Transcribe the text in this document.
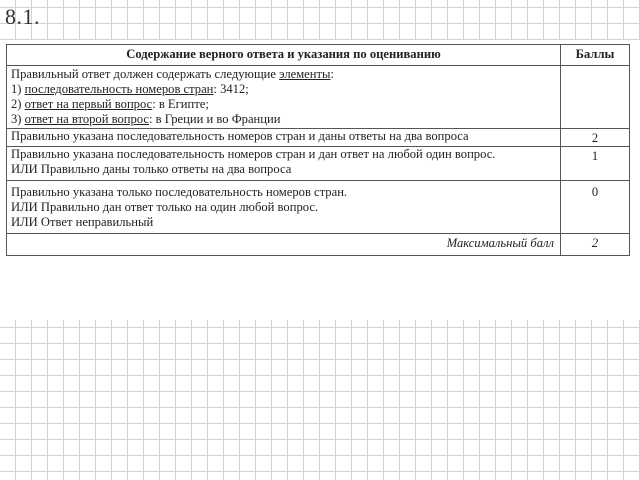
8.1.
Содержание верного ответа и указания по оцениванию	Баллы

Правильный ответ должен содержать следующие элементы:
1) последовательность номеров стран: 3412;
2) ответ на первый вопрос: в Египте;
3) ответ на второй вопрос: в Греции и во Франции	

Правильно указана последовательность номеров стран и даны ответы на два вопроса	2

Правильно указана последовательность номеров стран и дан ответ на любой один вопрос.
ИЛИ Правильно даны только ответы на два вопроса	1

Правильно указана только последовательность номеров стран.
ИЛИ Правильно дан ответ только на один любой вопрос.
ИЛИ Ответ неправильный	0

Максимальный балл	2
